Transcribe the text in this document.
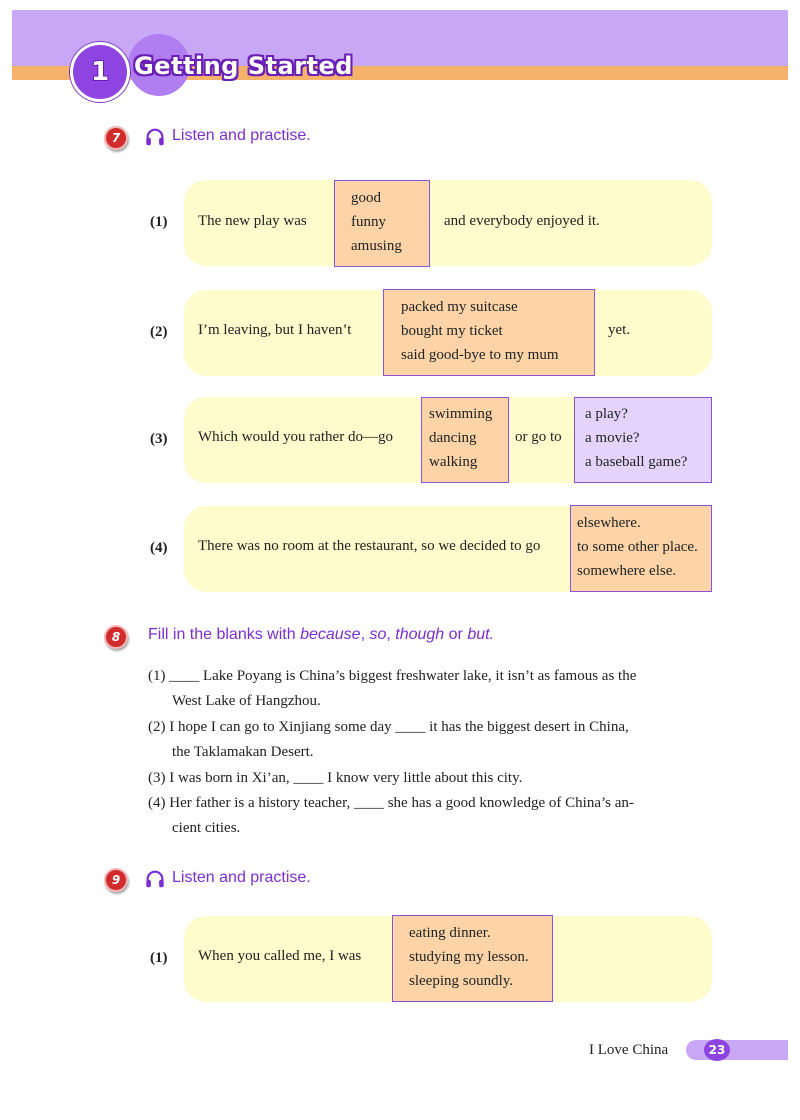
1	Getting Started
7	Listen and practise.
(1) The new play was
good
funny
amusing
and everybody enjoyed it.
(2) I’m leaving, but I haven’t
packed my suitcase
bought my ticket
said good-bye to my mum
yet.
(3) Which would you rather do—go
swimming
dancing
walking
or go to
a play?
a movie?
a baseball game?
(4) There was no room at the restaurant, so we decided to go
elsewhere.
to some other place.
somewhere else.
8	Fill in the blanks with because, so, though or but.
(1) ____ Lake Poyang is China’s biggest freshwater lake, it isn’t as famous as the
West Lake of Hangzhou.
(2) I hope I can go to Xinjiang some day ____ it has the biggest desert in China,
the Taklamakan Desert.
(3) I was born in Xi’an, ____ I know very little about this city.
(4) Her father is a history teacher, ____ she has a good knowledge of China’s an-
cient cities.
9	Listen and practise.
(1) When you called me, I was
eating dinner.
studying my lesson.
sleeping soundly.
I Love China	23
